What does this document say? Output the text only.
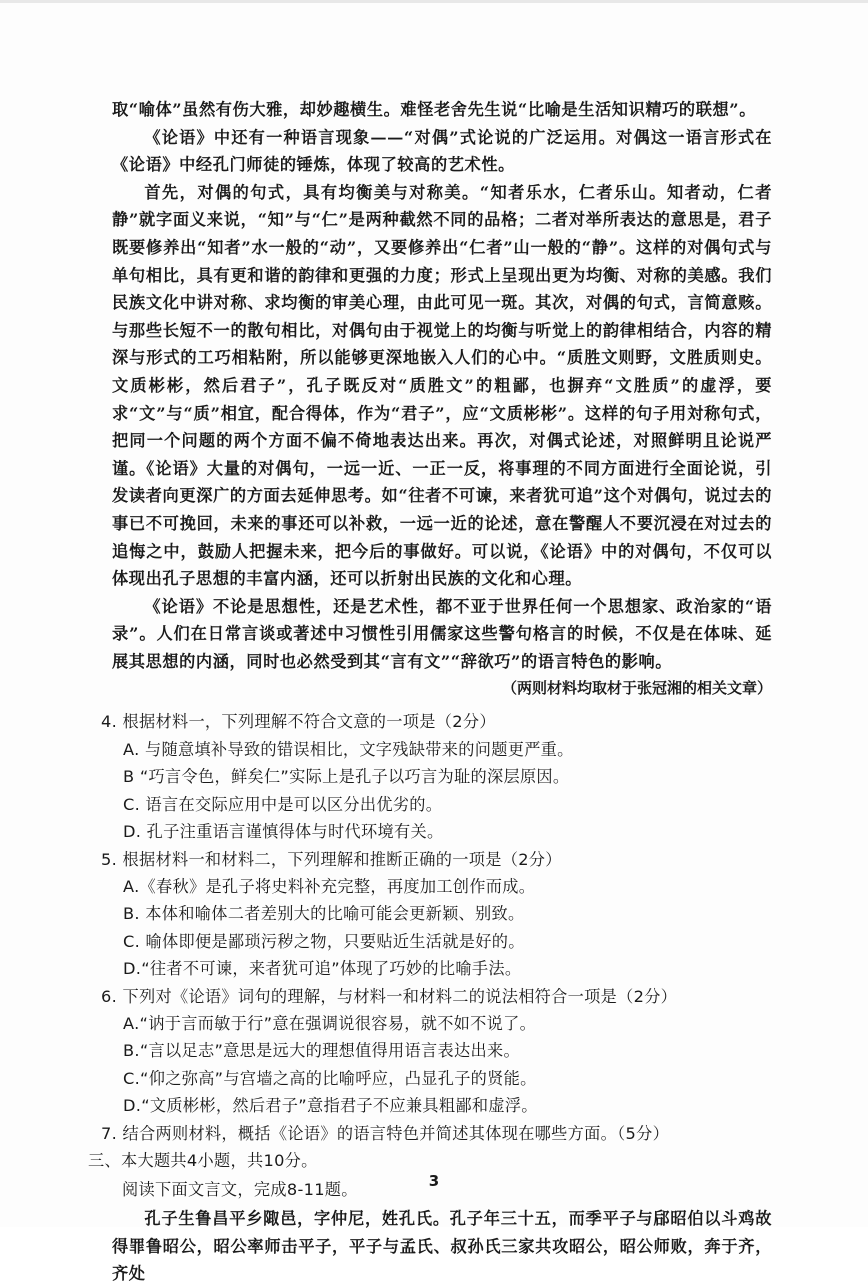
取“喻体”虽然有伤大雅，却妙趣横生。难怪老舍先生说“比喻是生活知识精巧的联想”。

《论语》中还有一种语言现象——“对偶”式论说的广泛运用。对偶这一语言形式在《论语》中经孔门师徒的锤炼，体现了较高的艺术性。

首先，对偶的句式，具有均衡美与对称美。“知者乐水，仁者乐山。知者动，仁者静”就字面义来说，“知”与“仁”是两种截然不同的品格；二者对举所表达的意思是，君子既要修养出“知者”水一般的“动”，又要修养出“仁者”山一般的“静”。这样的对偶句式与单句相比，具有更和谐的韵律和更强的力度；形式上呈现出更为均衡、对称的美感。我们民族文化中讲对称、求均衡的审美心理，由此可见一斑。其次，对偶的句式，言简意赅。与那些长短不一的散句相比，对偶句由于视觉上的均衡与听觉上的韵律相结合，内容的精深与形式的工巧相粘附，所以能够更深地嵌入人们的心中。“质胜文则野，文胜质则史。文质彬彬，然后君子”，孔子既反对“质胜文”的粗鄙，也摒弃“文胜质”的虚浮，要求“文”与“质”相宜，配合得体，作为“君子”，应“文质彬彬”。这样的句子用対称句式，把同一个问题的两个方面不偏不倚地表达出来。再次，对偶式论述，对照鲜明且论说严谨。《论语》大量的对偶句，一远一近、一正一反，将事理的不同方面进行全面论说，引发读者向更深广的方面去延伸思考。如“往者不可谏，来者犹可追”这个对偶句，说过去的事已不可挽回，未来的事还可以补救，一远一近的论述，意在警醒人不要沉浸在对过去的追悔之中，鼓励人把握未来，把今后的事做好。可以说，《论语》中的对偶句，不仅可以体现出孔子思想的丰富内涵，还可以折射出民族的文化和心理。

《论语》不论是思想性，还是艺术性，都不亚于世界任何一个思想家、政治家的“语录”。人们在日常言谈或著述中习惯性引用儒家这些警句格言的时候，不仅是在体味、延展其思想的内涵，同时也必然受到其“言有文”“辞欲巧”的语言特色的影响。

（两则材料均取材于张冠湘的相关文章）

4. 根据材料一，下列理解不符合文意的一项是（2分）

A. 与随意填补导致的错误相比，文字残缺带来的问题更严重。

B “巧言令色，鲜矣仁”实际上是孔子以巧言为耻的深层原因。

C. 语言在交际应用中是可以区分出优劣的。

D. 孔子注重语言谨慎得体与时代环境有关。

5. 根据材料一和材料二，下列理解和推断正确的一项是（2分）

A.《春秋》是孔子将史料补充完整，再度加工创作而成。

B. 本体和喻体二者差别大的比喻可能会更新颖、别致。

C. 喻体即便是鄙琐污秽之物，只要贴近生活就是好的。

D.“往者不可谏，来者犹可追”体现了巧妙的比喻手法。

6. 下列对《论语》词句的理解，与材料一和材料二的说法相符合一项是（2分）

A.“讷于言而敏于行”意在强调说很容易，就不如不说了。

B.“言以足志”意思是远大的理想值得用语言表达出来。

C.“仰之弥高”与宫墙之高的比喻呼应，凸显孔子的贤能。

D.“文质彬彬，然后君子”意指君子不应兼具粗鄙和虚浮。

7. 结合两则材料，概括《论语》的语言特色并简述其体现在哪些方面。（5分）

三、本大题共4小题，共10分。

阅读下面文言文，完成8-11题。

孔子生鲁昌平乡陬邑，字仲尼，姓孔氏。孔子年三十五，而季平子与郈昭伯以斗鸡故得罪鲁昭公，昭公率师击平子，平子与孟氏、叔孙氏三家共攻昭公，昭公师败，奔于齐，齐处

3
